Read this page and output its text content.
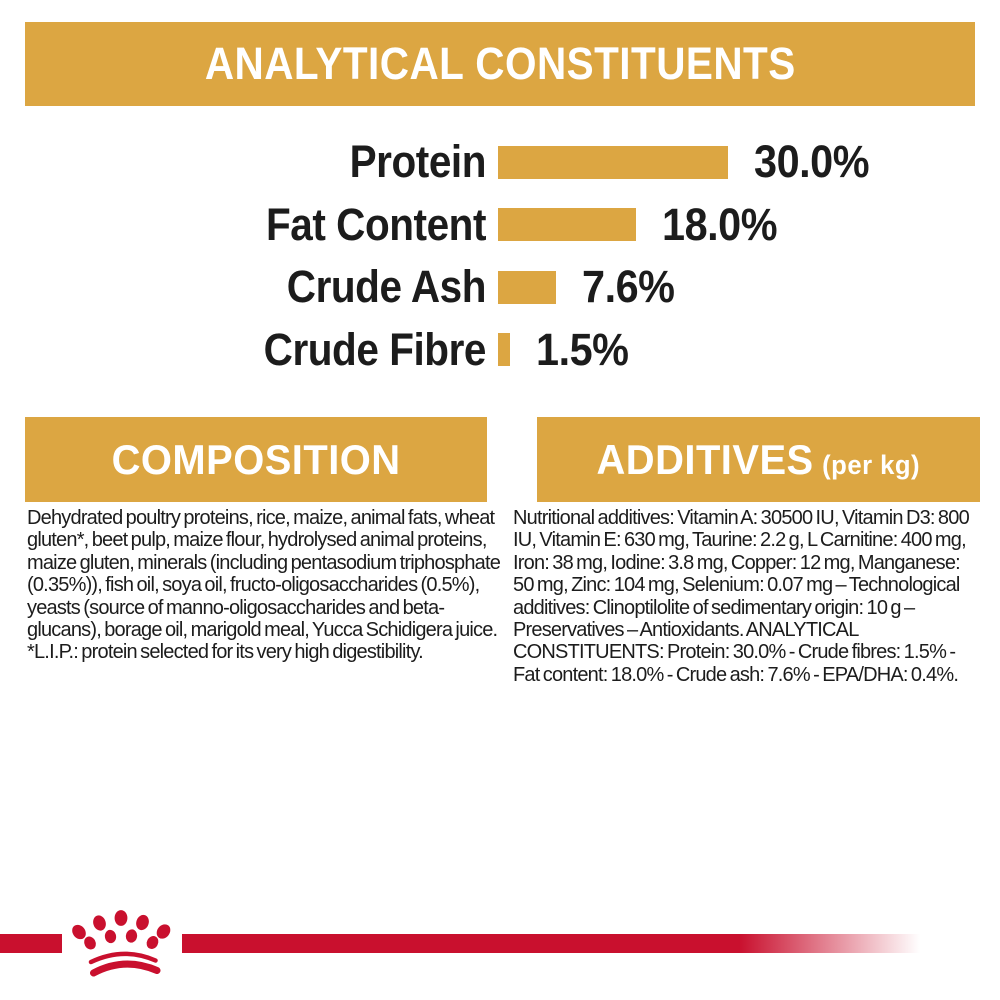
ANALYTICAL CONSTITUENTS
Protein	30.0%
Fat Content	18.0%
Crude Ash 7.6%
Crude Fibre 1.5%
COMPOSITION
Dehydrated poultry proteins, rice, maize, animal fats, wheat gluten*, beet pulp, maize flour, hydrolysed animal proteins, maize gluten, minerals (including pentasodium triphosphate (0.35%)), fish oil, soya oil, fructo-oligosaccharides (0.5%), yeasts (source of manno-oligosaccharides and beta-glucans), borage oil, marigold meal, Yucca Schidigera juice.
*L.I.P.: protein selected for its very high digestibility.
ADDITIVES (per kg)
Nutritional additives: Vitamin A: 30500 IU, Vitamin D3: 800 IU, Vitamin E: 630 mg, Taurine: 2.2 g, L Carnitine: 400 mg, Iron: 38 mg, Iodine: 3.8 mg, Copper: 12 mg, Manganese: 50 mg, Zinc: 104 mg, Selenium: 0.07 mg – Technological additives: Clinoptilolite of sedimentary origin: 10 g – Preservatives – Antioxidants. ANALYTICAL CONSTITUENTS: Protein: 30.0% - Crude fibres: 1.5% - Fat content: 18.0% - Crude ash: 7.6% - EPA/DHA: 0.4%.
